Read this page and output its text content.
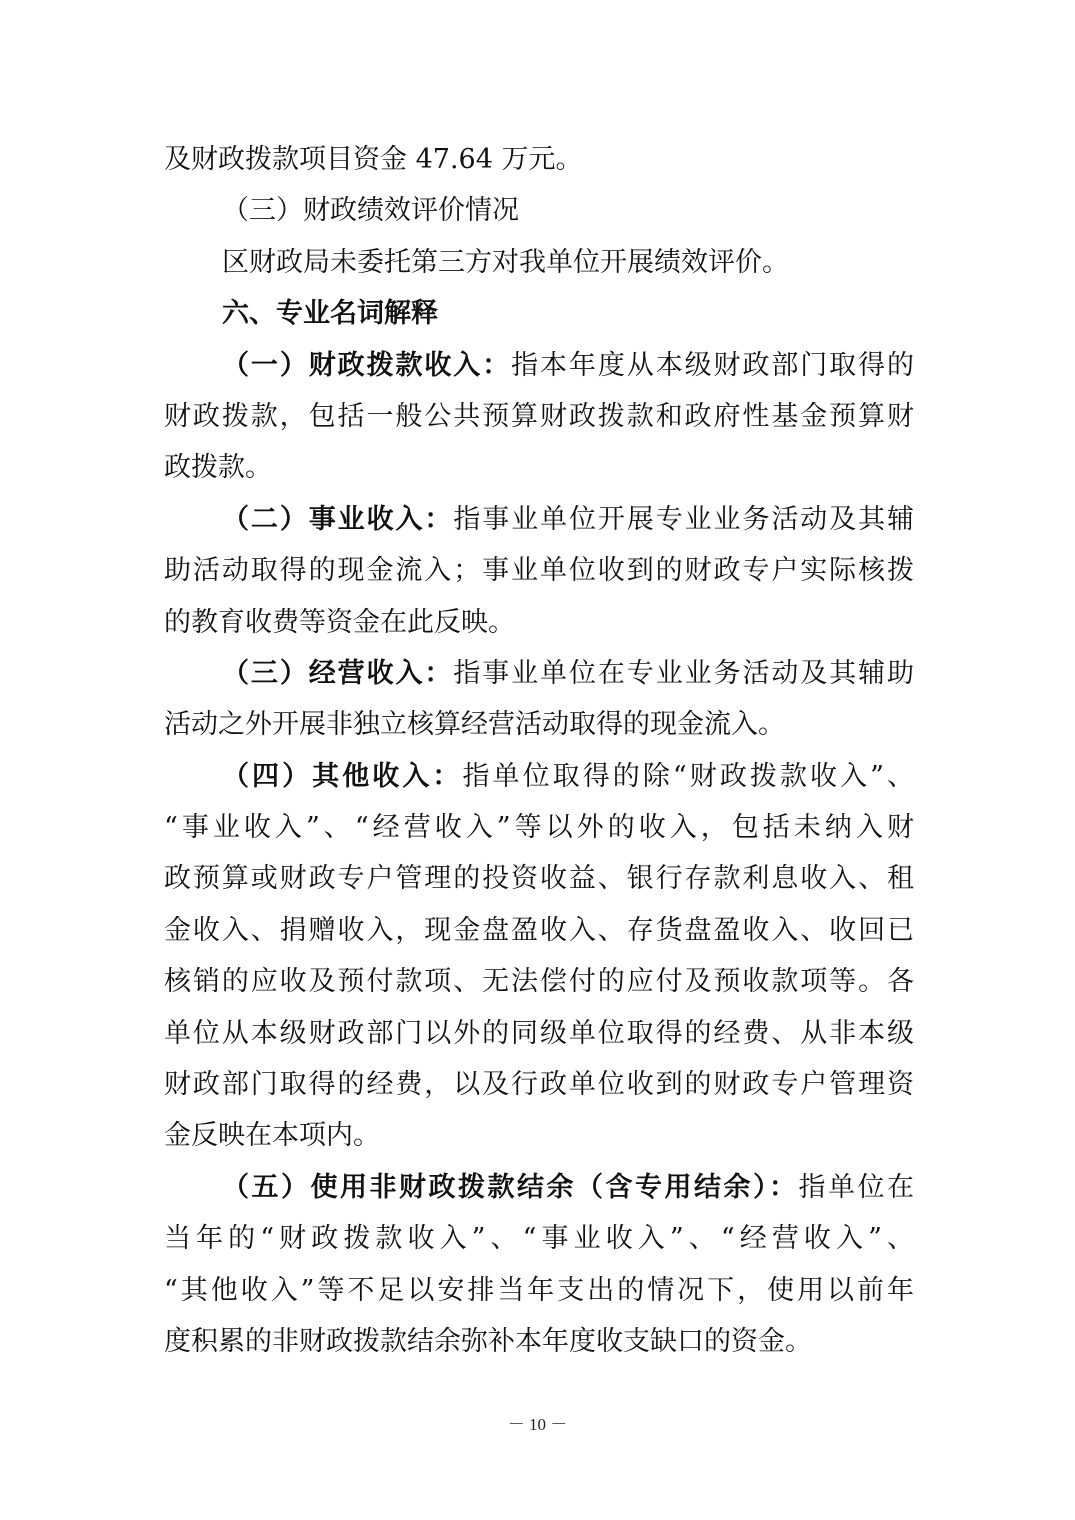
及财政拨款项目资金 47.64 万元。
（三）财政绩效评价情况
区财政局未委托第三方对我单位开展绩效评价。
六、专业名词解释
（一）财政拨款收入：指本年度从本级财政部门取得的
财政拨款，包括一般公共预算财政拨款和政府性基金预算财
政拨款。
（二）事业收入：指事业单位开展专业业务活动及其辅
助活动取得的现金流入；事业单位收到的财政专户实际核拨
的教育收费等资金在此反映。
（三）经营收入：指事业单位在专业业务活动及其辅助
活动之外开展非独立核算经营活动取得的现金流入。
（四）其他收入：指单位取得的除“财政拨款收入”、
“事业收入”、“经营收入”等以外的收入，包括未纳入财
政预算或财政专户管理的投资收益、银行存款利息收入、租
金收入、捐赠收入，现金盘盈收入、存货盘盈收入、收回已
核销的应收及预付款项、无法偿付的应付及预收款项等。各
单位从本级财政部门以外的同级单位取得的经费、从非本级
财政部门取得的经费，以及行政单位收到的财政专户管理资
金反映在本项内。
（五）使用非财政拨款结余（含专用结余）：指单位在
当年的“财政拨款收入”、“事业收入”、“经营收入”、
“其他收入”等不足以安排当年支出的情况下，使用以前年
度积累的非财政拨款结余弥补本年度收支缺口的资金。
－ 10 －
